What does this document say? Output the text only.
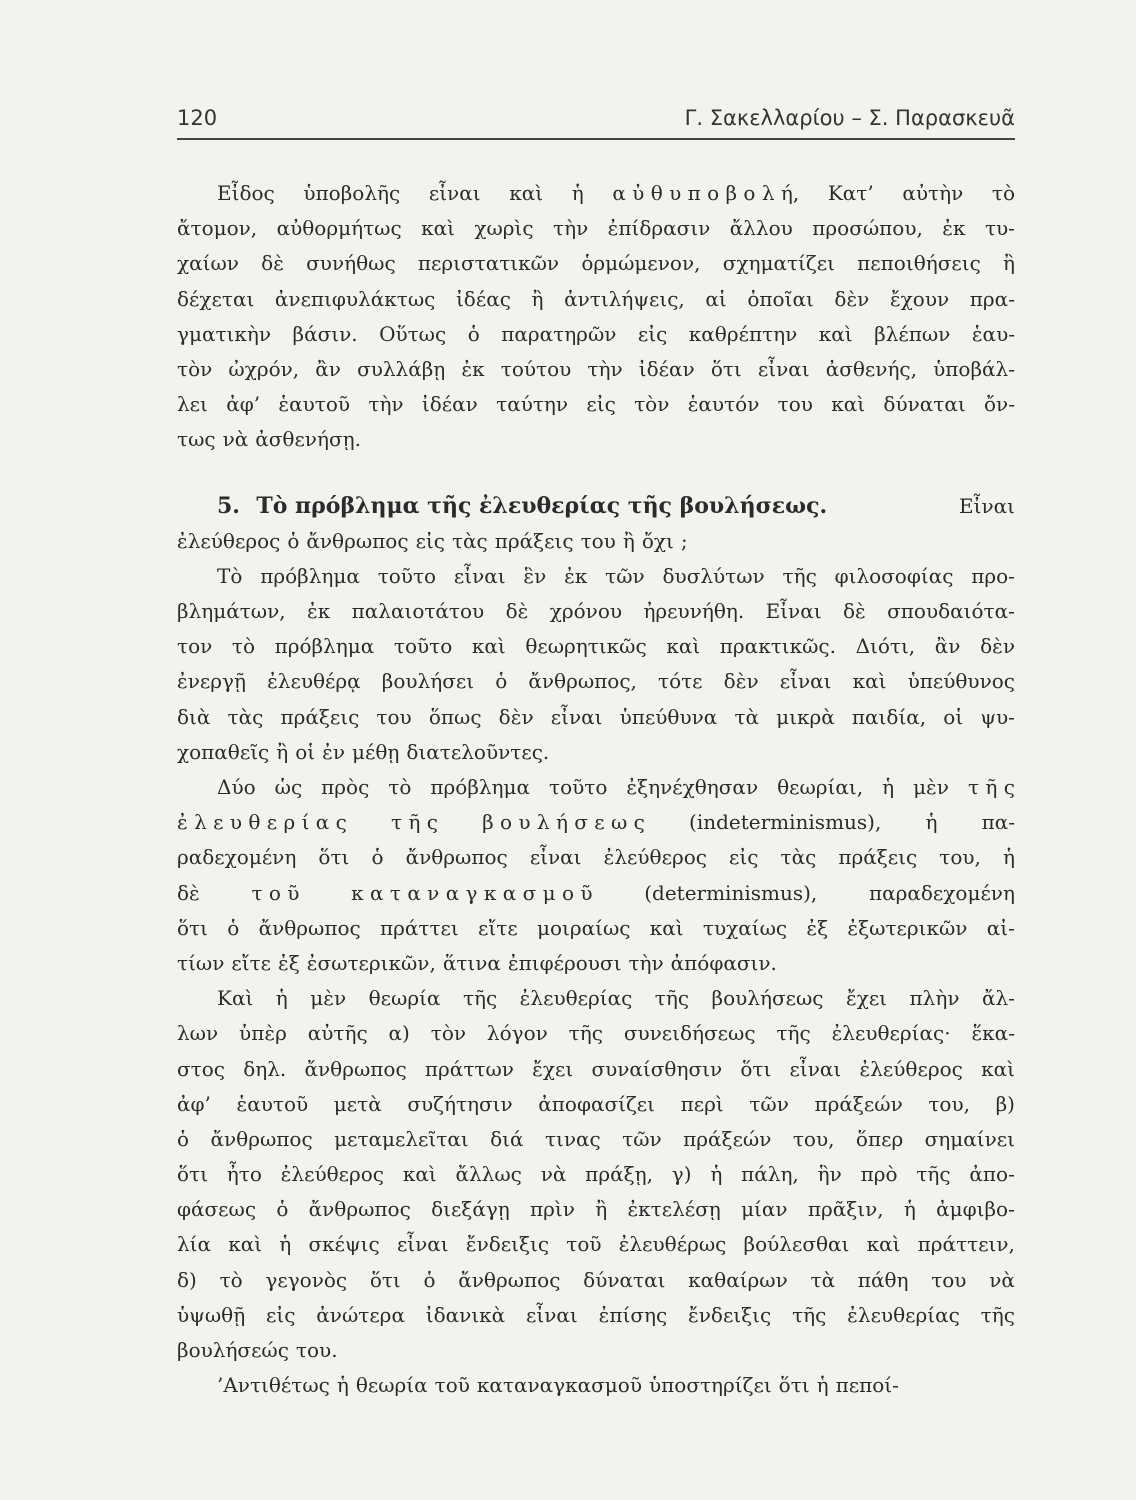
120	Γ. Σακελλαρίου – Σ. Παρασκευᾶ
Εἶδος ὑποβολῆς εἶναι καὶ ἡ α ὐ θ υ π ο β ο λ ή, Κατ’ αὐτὴν τὸ
ἄτομον, αὐθορμήτως καὶ χωρὶς τὴν ἐπίδρασιν ἄλλου προσώπου, ἐκ τυ-
χαίων δὲ συνήθως περιστατικῶν ὁρμώμενον, σχηματίζει πεποιθήσεις ἢ
δέχεται ἀνεπιφυλάκτως ἰδέας ἢ ἀντιλήψεις, αἱ ὁποῖαι δὲν ἔχουν πρα-
γματικὴν βάσιν. Οὕτως ὁ παρατηρῶν εἰς καθρέπτην καὶ βλέπων ἑαυ-
τὸν ὠχρόν, ἂν συλλάβῃ ἐκ τούτου τὴν ἰδέαν ὅτι εἶναι ἀσθενής, ὑποβάλ-
λει ἀφ’ ἑαυτοῦ τὴν ἰδέαν ταύτην εἰς τὸν ἑαυτόν του καὶ δύναται ὄν-
τως νὰ ἀσθενήσῃ.
5. Τὸ πρόβλημα τῆς ἐλευθερίας τῆς βουλήσεως.	Εἶναι
ἐλεύθερος ὁ ἄνθρωπος εἰς τὰς πράξεις του ἢ ὄχι ;
Τὸ πρόβλημα τοῦτο εἶναι ἓν ἐκ τῶν δυσλύτων τῆς φιλοσοφίας προ-
βλημάτων, ἐκ παλαιοτάτου δὲ χρόνου ἠρευνήθη. Εἶναι δὲ σπουδαιότα-
τον τὸ πρόβλημα τοῦτο καὶ θεωρητικῶς καὶ πρακτικῶς. Διότι, ἂν δὲν
ἐνεργῇ ἐλευθέρᾳ βουλήσει ὁ ἄνθρωπος, τότε δὲν εἶναι καὶ ὑπεύθυνος
διὰ τὰς πράξεις του ὅπως δὲν εἶναι ὑπεύθυνα τὰ μικρὰ παιδία, οἱ ψυ-
χοπαθεῖς ἢ οἱ ἐν μέθῃ διατελοῦντες.
Δύο ὡς πρὸς τὸ πρόβλημα τοῦτο ἐξηνέχθησαν θεωρίαι, ἡ μὲν τ ῆ ς
ἐ λ ε υ θ ε ρ ί α ς τ ῆ ς β ο υ λ ή σ ε ω ς (indeterminismus), ἡ πα-
ραδεχομένη ὅτι ὁ ἄνθρωπος εἶναι ἐλεύθερος εἰς τὰς πράξεις του, ἡ
δὲ	τ ο ῦ	κ α τ α ν α γ κ α σ μ ο ῦ	(determinismus),	παραδεχομένη
ὅτι ὁ ἄνθρωπος πράττει εἴτε μοιραίως καὶ τυχαίως ἐξ ἐξωτερικῶν αἰ-
τίων εἴτε ἐξ ἐσωτερικῶν, ἅτινα ἐπιφέρουσι τὴν ἀπόφασιν.
Καὶ ἡ μὲν θεωρία τῆς ἐλευθερίας τῆς βουλήσεως ἔχει πλὴν ἄλ-
λων ὑπὲρ αὐτῆς α) τὸν λόγον τῆς συνειδήσεως τῆς ἐλευθερίας· ἕκα-
στος δηλ. ἄνθρωπος πράττων ἔχει συναίσθησιν ὅτι εἶναι ἐλεύθερος καὶ
ἀφ’ ἑαυτοῦ μετὰ συζήτησιν ἀποφασίζει περὶ τῶν πράξεών του, β)
ὁ ἄνθρωπος μεταμελεῖται διά τινας τῶν πράξεών του, ὅπερ σημαίνει
ὅτι ἦτο ἐλεύθερος καὶ ἄλλως νὰ πράξῃ, γ) ἡ πάλη, ἣν πρὸ τῆς ἀπο-
φάσεως ὁ ἄνθρωπος διεξάγῃ πρὶν ἢ ἐκτελέσῃ μίαν πρᾶξιν, ἡ ἀμφιβο-
λία καὶ ἡ σκέψις εἶναι ἔνδειξις τοῦ ἐλευθέρως βούλεσθαι καὶ πράττειν,
δ) τὸ γεγονὸς ὅτι ὁ ἄνθρωπος δύναται καθαίρων τὰ πάθη του νὰ
ὑψωθῇ εἰς ἀνώτερα ἰδανικὰ εἶναι ἐπίσης ἔνδειξις τῆς ἐλευθερίας τῆς
βουλήσεώς του.
’Αντιθέτως ἡ θεωρία τοῦ καταναγκασμοῦ ὑποστηρίζει ὅτι ἡ πεποί-
